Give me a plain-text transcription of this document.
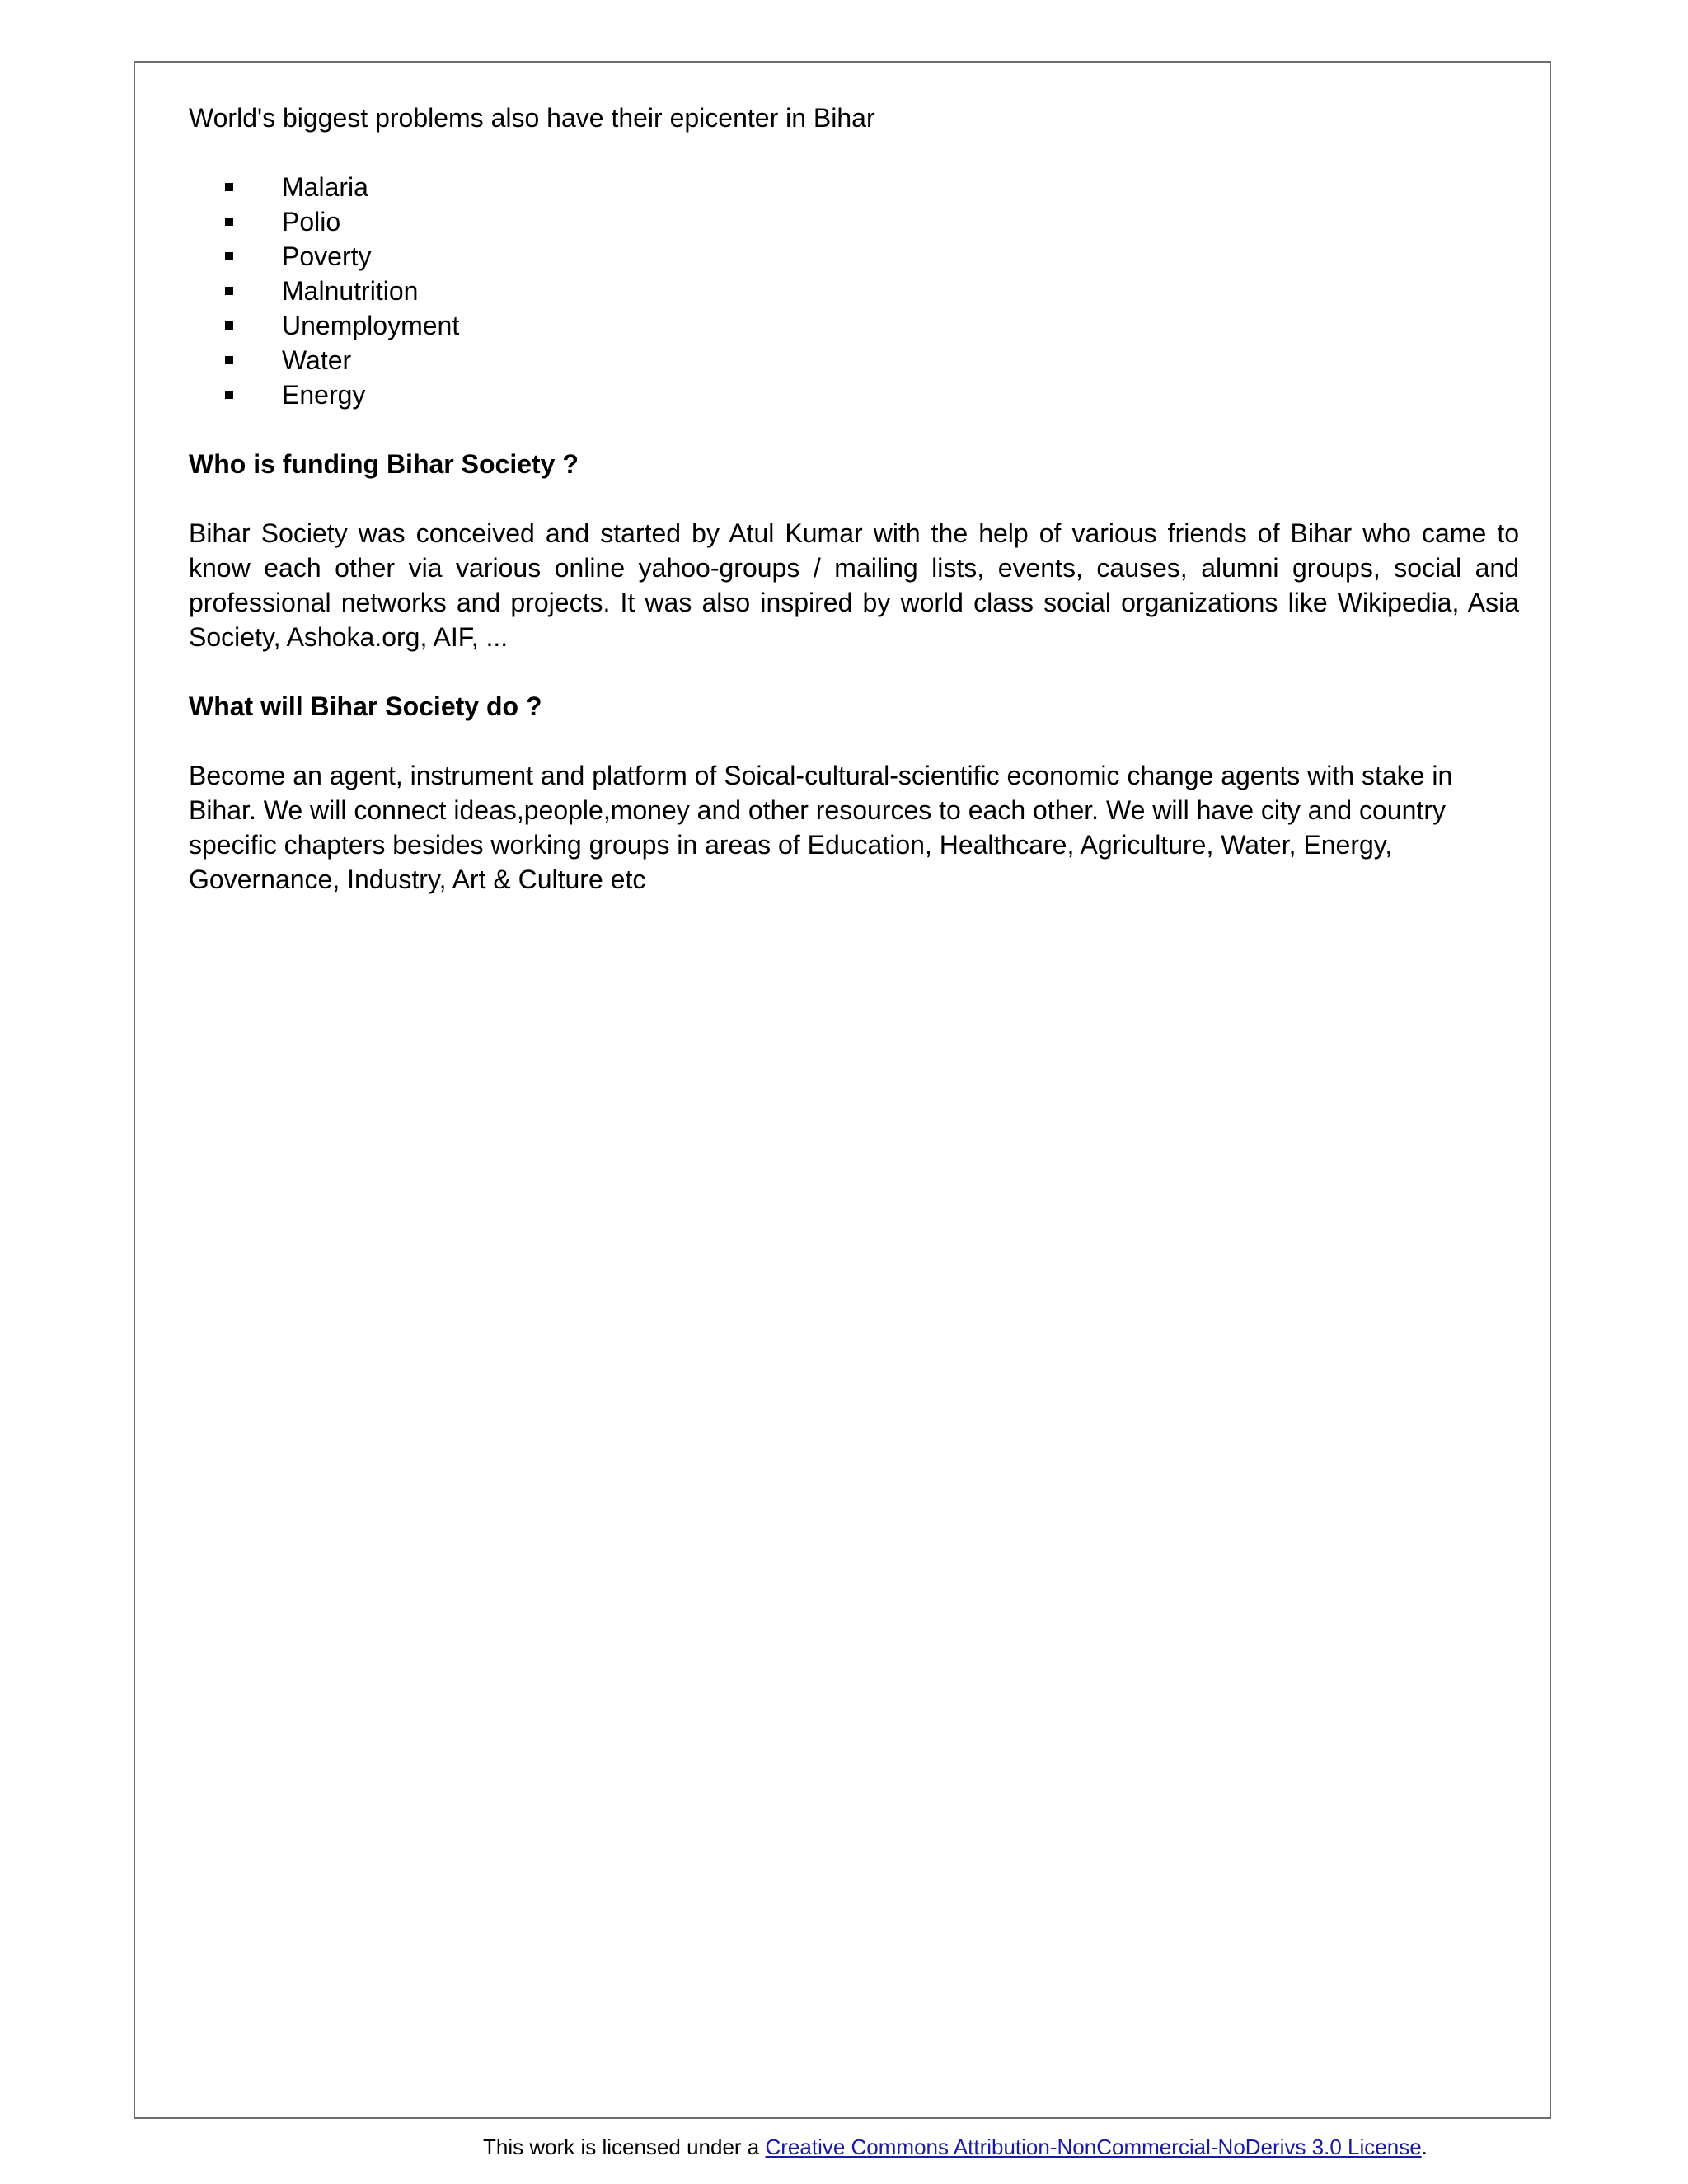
World's biggest problems also have their epicenter in Bihar

Malaria
Polio
Poverty
Malnutrition
Unemployment
Water
Energy
Who is funding Bihar Society ?

Bihar Society was conceived and started by Atul Kumar with the help of various friends of Bihar who came to know each other via various online yahoo-groups / mailing lists, events, causes, alumni groups, social and professional networks and projects. It was also inspired by world class social organizations like Wikipedia, Asia Society, Ashoka.org, AIF, ...

What will Bihar Society do ?

Become an agent, instrument and platform of Soical-cultural-scientific economic change agents with stake in Bihar. We will connect ideas,people,money and other resources to each other. We will have city and country specific chapters besides working groups in areas of Education, Healthcare, Agriculture, Water, Energy, Governance, Industry, Art & Culture etc

This work is licensed under a Creative Commons Attribution-NonCommercial-NoDerivs 3.0 License.
